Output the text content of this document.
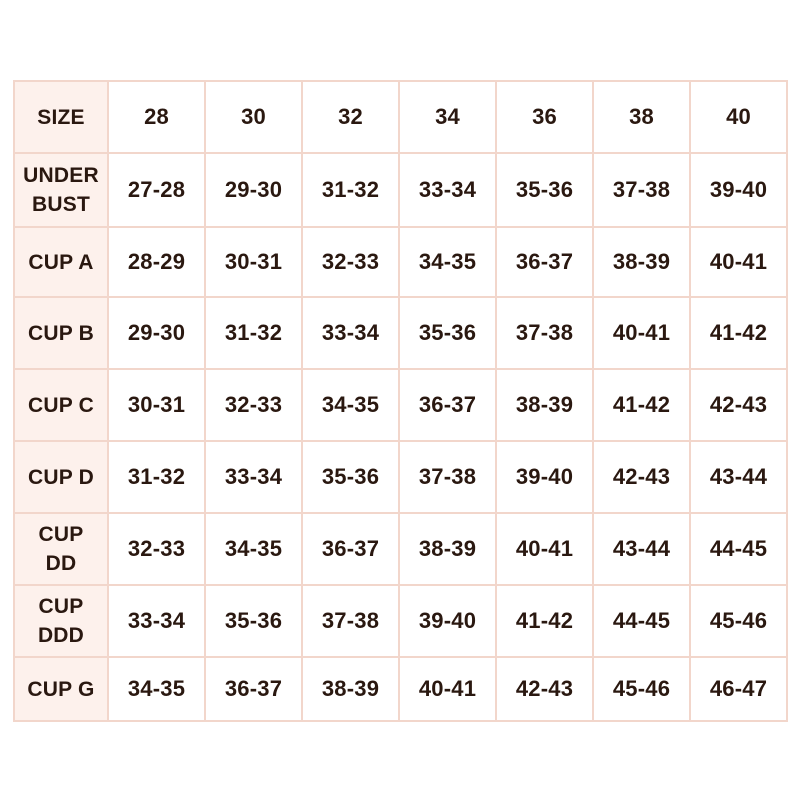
SIZE	28	30	32	34	36	38	40

UNDER
BUST	27-28	29-30	31-32	33-34	35-36	37-38	39-40

CUP A	28-29	30-31	32-33	34-35	36-37	38-39	40-41

CUP B	29-30	31-32	33-34	35-36	37-38	40-41	41-42

CUP C	30-31	32-33	34-35	36-37	38-39	41-42	42-43

CUP D	31-32	33-34	35-36	37-38	39-40	42-43	43-44

CUP
DD	32-33	34-35	36-37	38-39	40-41	43-44	44-45

CUP
DDD	33-34	35-36	37-38	39-40	41-42	44-45	45-46

CUP G	34-35	36-37	38-39	40-41	42-43	45-46	46-47
